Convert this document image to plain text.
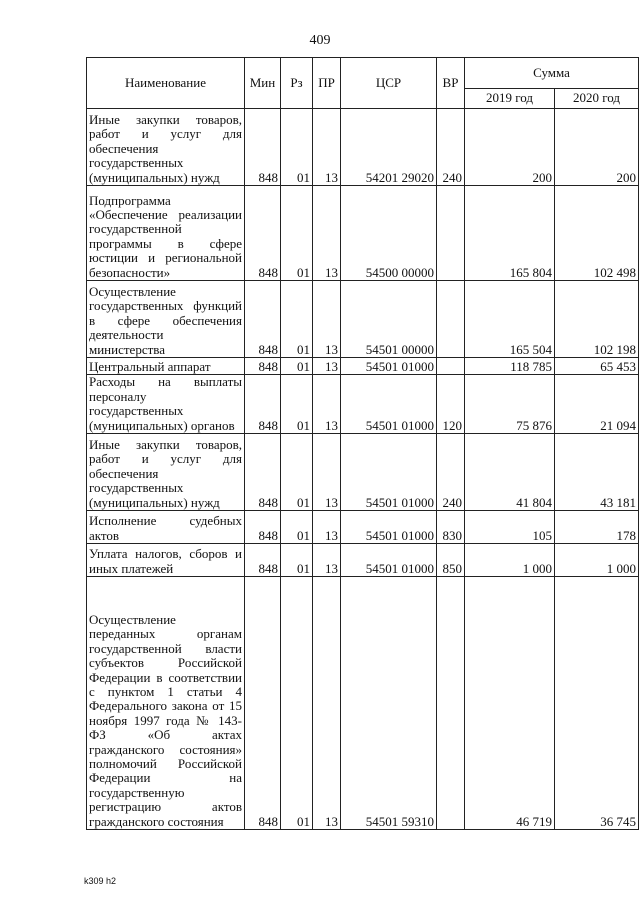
409
Наименование	Мин	Рз	ПР	ЦСР	ВР	Сумма	
						2019 год	2020 год
Иные закупки товаров, работ и услуг для обеспечения государственных (муниципальных) нужд	848	01	13	54201 29020	240	200	200
Подпрограмма «Обеспечение реализации государственной программы в сфере юстиции и региональной безопасности»	848	01	13	54500 00000		165 804	102 498
Осуществление государственных функций в сфере обеспечения деятельности министерства	848	01	13	54501 00000		165 504	102 198
Центральный аппарат	848	01	13	54501 01000		118 785	65 453
Расходы на выплаты персоналу государственных (муниципальных) органов	848	01	13	54501 01000	120	75 876	21 094
Иные закупки товаров, работ и услуг для обеспечения государственных (муниципальных) нужд	848	01	13	54501 01000	240	41 804	43 181
Исполнение судебных актов	848	01	13	54501 01000	830	105	178
Уплата налогов, сборов и иных платежей	848	01	13	54501 01000	850	1 000	1 000
Осуществление переданных органам государственной власти субъектов Российской Федерации в соответствии с пунктом 1 статьи 4 Федерального закона от 15 ноября 1997 года № 143-ФЗ «Об актах гражданского состояния» полномочий Российской Федерации на государственную регистрацию актов гражданского состояния	848	01	13	54501 59310		46 719	36 745
k309 h2
